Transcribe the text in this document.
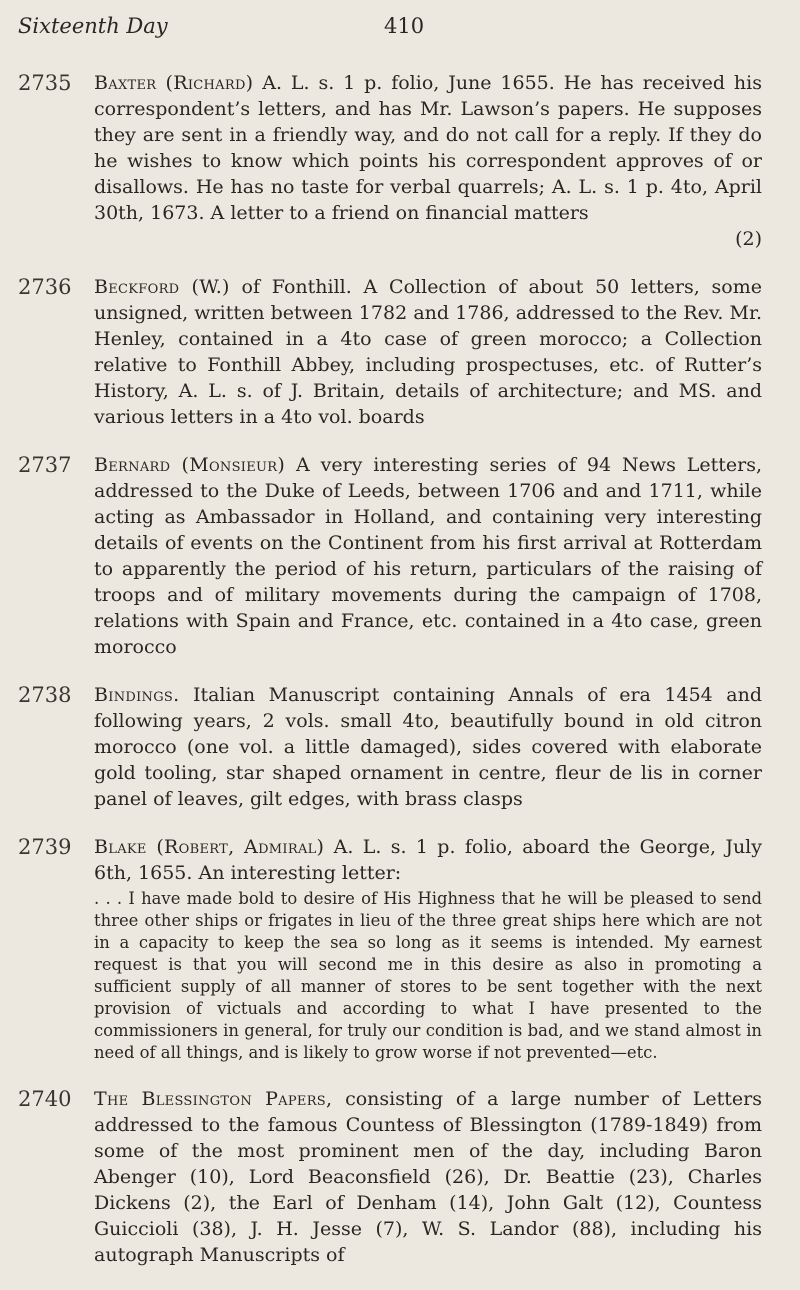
Sixteenth Day	410
2735 Baxter (Richard) A. L. s. 1 p. folio, June 1655. He has received his correspondent’s letters, and has Mr. Lawson’s papers. He supposes they are sent in a friendly way, and do not call for a reply. If they do he wishes to know which points his correspondent approves of or disallows. He has no taste for verbal quarrels; A. L. s. 1 p. 4to, April 30th, 1673. A letter to a friend on financial matters
(2)
2736 Beckford (W.) of Fonthill. A Collection of about 50 letters, some unsigned, written between 1782 and 1786, addressed to the Rev. Mr. Henley, contained in a 4to case of green morocco; a Collection relative to Fonthill Abbey, including prospectuses, etc. of Rutter’s History, A. L. s. of J. Britain, details of architecture; and MS. and various letters in a 4to vol. boards
2737 Bernard (Monsieur) A very interesting series of 94 News Letters, addressed to the Duke of Leeds, between 1706 and and 1711, while acting as Ambassador in Holland, and containing very interesting details of events on the Continent from his first arrival at Rotterdam to apparently the period of his return, particulars of the raising of troops and of military movements during the campaign of 1708, relations with Spain and France, etc. contained in a 4to case, green morocco
2738 Bindings. Italian Manuscript containing Annals of era 1454 and following years, 2 vols. small 4to, beautifully bound in old citron morocco (one vol. a little damaged), sides covered with elaborate gold tooling, star shaped ornament in centre, fleur de lis in corner panel of leaves, gilt edges, with brass clasps
2739 Blake (Robert, Admiral) A. L. s. 1 p. folio, aboard the George, July 6th, 1655. An interesting letter:
. . . I have made bold to desire of His Highness that he will be pleased to send three other ships or frigates in lieu of the three great ships here which are not in a capacity to keep the sea so long as it seems is intended. My earnest request is that you will second me in this desire as also in promoting a sufficient supply of all manner of stores to be sent together with the next provision of victuals and according to what I have presented to the commissioners in general, for truly our condition is bad, and we stand almost in need of all things, and is likely to grow worse if not prevented—etc.
2740 The Blessington Papers, consisting of a large number of Letters addressed to the famous Countess of Blessington (1789-1849) from some of the most prominent men of the day, including Baron Abenger (10), Lord Beaconsfield (26), Dr. Beattie (23), Charles Dickens (2), the Earl of Denham (14), John Galt (12), Countess Guiccioli (38), J. H. Jesse (7), W. S. Landor (88), including his autograph Manuscripts of
